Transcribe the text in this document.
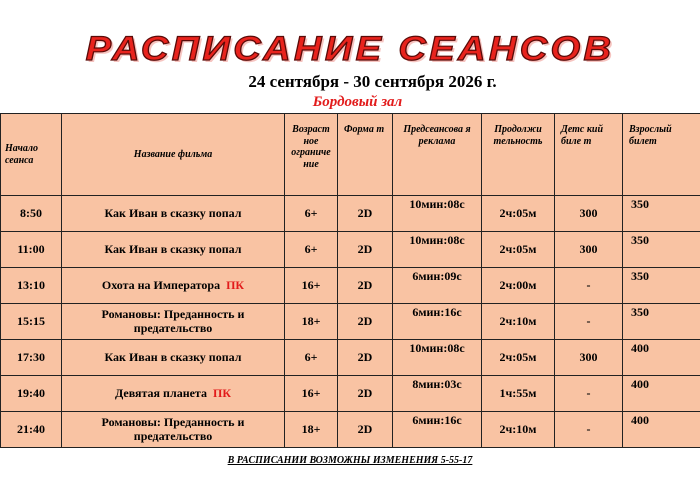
РАСПИСАНИЕ СЕАНСОВ
24 сентября - 30 сентября 2026 г.
Бордовый зал
Начало сеанса	Название фильма	Возраст ное ограниче ние	Форма т	Предсеансова я реклама	Продолжи тельность	Детс кий биле т	Взрослый билет
8:50	Как Иван в сказку попал	6+	2D	10мин:08с	2ч:05м	300	350
11:00	Как Иван в сказку попал	6+	2D	10мин:08с	2ч:05м	300	350
13:10	Охота на Императора ПК	16+	2D	6мин:09с	2ч:00м	-	350
15:15	Романовы: Преданность и предательство	18+	2D	6мин:16с	2ч:10м	-	350
17:30	Как Иван в сказку попал	6+	2D	10мин:08с	2ч:05м	300	400
19:40	Девятая планета ПК	16+	2D	8мин:03с	1ч:55м	-	400
21:40	Романовы: Преданность и предательство	18+	2D	6мин:16с	2ч:10м	-	400
В РАСПИСАНИИ ВОЗМОЖНЫ ИЗМЕНЕНИЯ 5-55-17
